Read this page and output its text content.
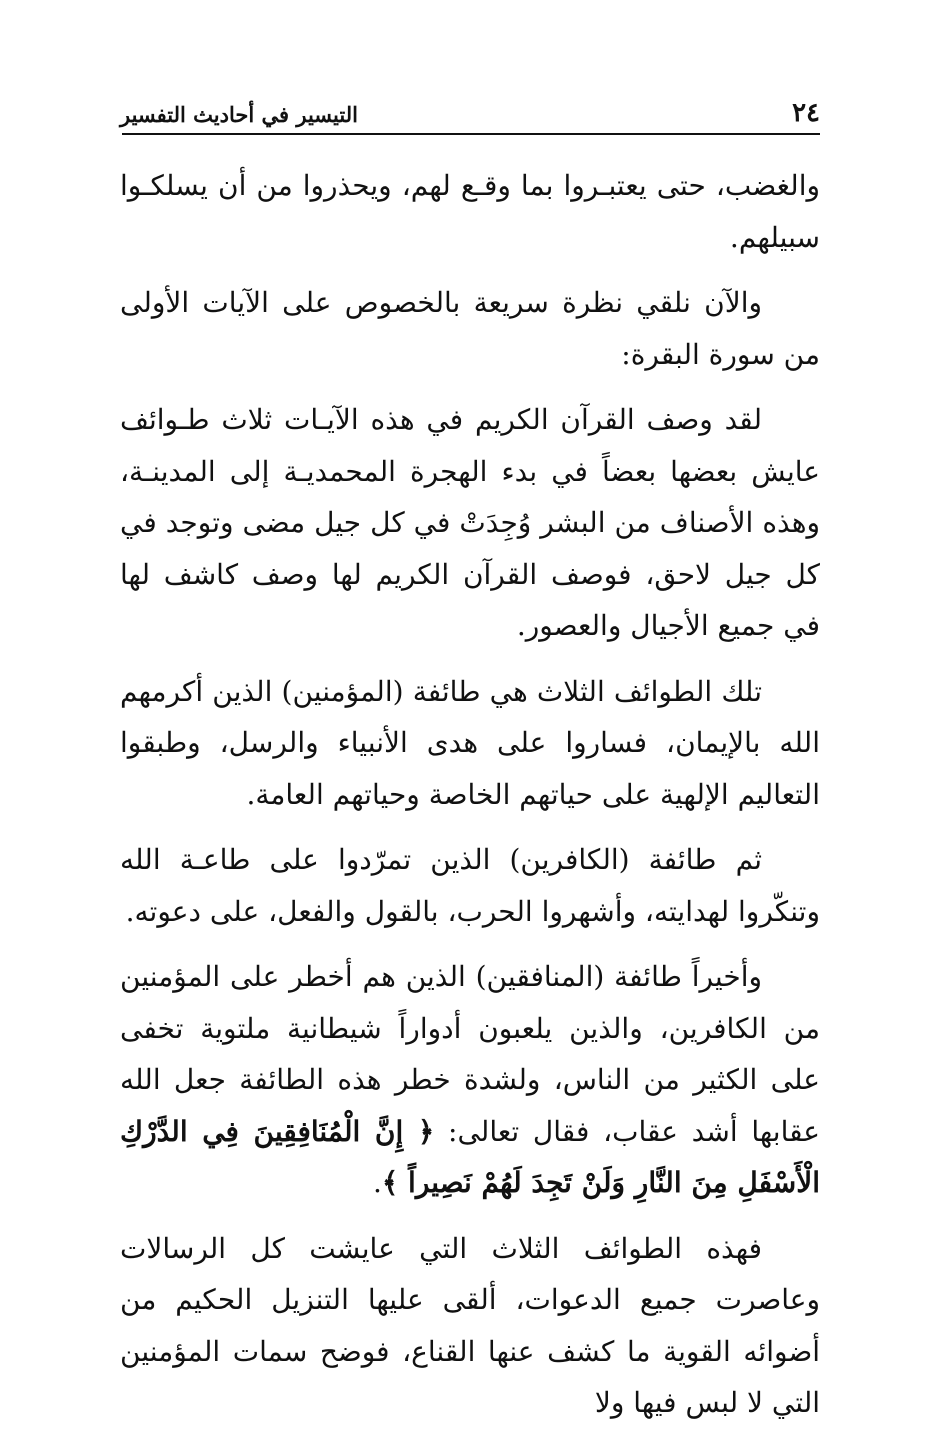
٢٤
التيسير في أحاديث التفسير

والغضب، حتى يعتبـروا بما وقـع لهم، ويحذروا من أن يسلكـوا سبيلهم.

والآن نلقي نظرة سريعة بالخصوص على الآيات الأولى من سورة البقرة:

لقد وصف القرآن الكريم في هذه الآيـات ثلاث طـوائف عايش بعضها بعضاً في بدء الهجرة المحمديـة إلى المدينـة، وهذه الأصناف من البشر وُجِدَتْ في كل جيل مضى وتوجد في كل جيل لاحق، فوصف القرآن الكريم لها وصف كاشف لها في جميع الأجيال والعصور.

تلك الطوائف الثلاث هي طائفة (المؤمنين) الذين أكرمهم الله بالإيمان، فساروا على هدى الأنبياء والرسل، وطبقوا التعاليم الإلهية على حياتهم الخاصة وحياتهم العامة.

ثم طائفة (الكافرين) الذين تمرّدوا على طاعـة الله وتنكّروا لهدايته، وأشهروا الحرب، بالقول والفعل، على دعوته.

وأخيراً طائفة (المنافقين) الذين هم أخطر على المؤمنين من الكافرين، والذين يلعبون أدواراً شيطانية ملتوية تخفى على الكثير من الناس، ولشدة خطر هذه الطائفة جعل الله عقابها أشد عقاب، فقال تعالى: ﴿ إِنَّ الْمُنَافِقِينَ فِي الدَّرْكِ الْأَسْفَلِ مِنَ النَّارِ وَلَنْ تَجِدَ لَهُمْ نَصِيراً ﴾.

فهذه الطوائف الثلاث التي عايشت كل الرسالات وعاصرت جميع الدعوات، ألقى عليها التنزيل الحكيم من أضوائه القوية ما كشف عنها القناع، فوضح سمات المؤمنين التي لا لبس فيها ولا
